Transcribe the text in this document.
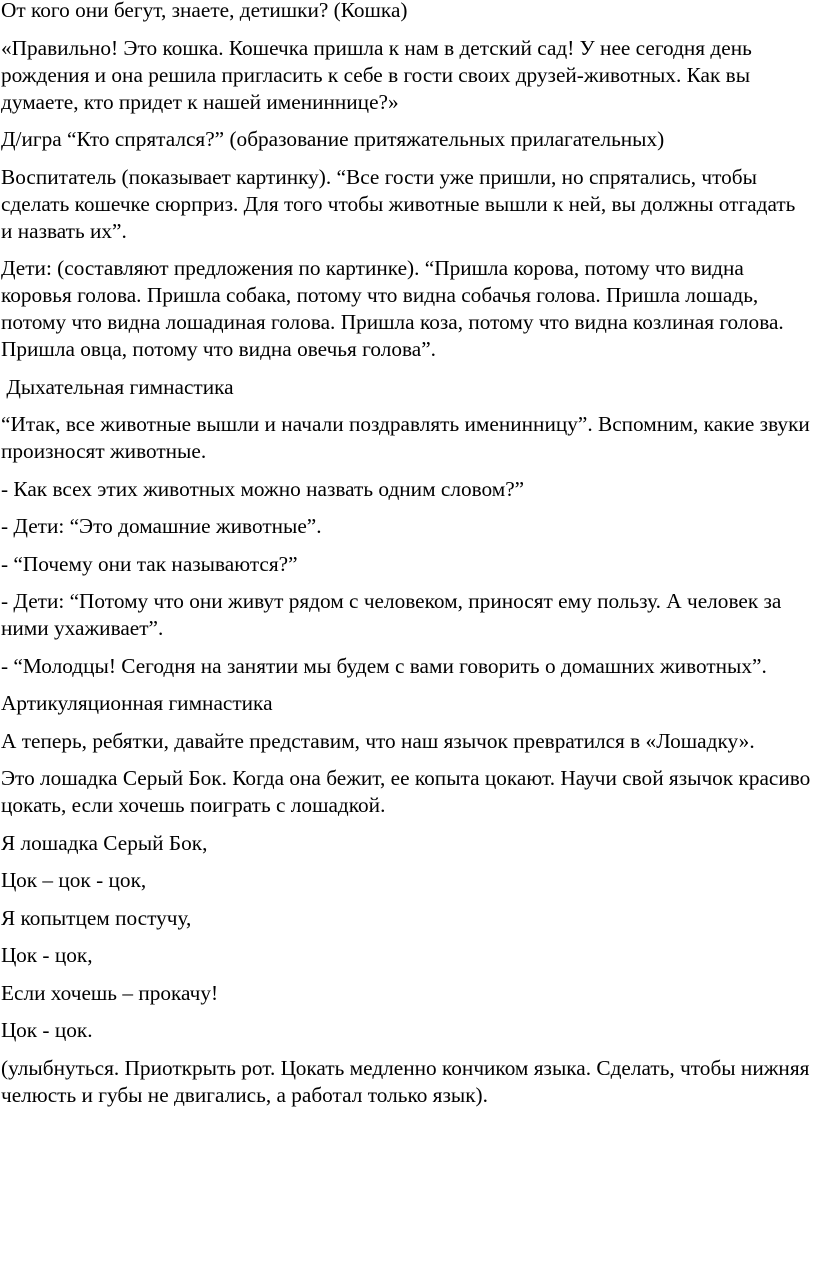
От кого они бегут, знаете, детишки? (Кошка)

«Правильно! Это кошка. Кошечка пришла к нам в детский сад! У нее сегодня день рождения и она решила пригласить к себе в гости своих друзей-животных. Как вы думаете, кто придет к нашей имениннице?»

Д/игра “Кто спрятался?” (образование притяжательных прилагательных)

Воспитатель (показывает картинку). “Все гости уже пришли, но спрятались, чтобы сделать кошечке сюрприз. Для того чтобы животные вышли к ней, вы должны отгадать и назвать их”.

Дети: (составляют предложения по картинке). “Пришла корова, потому что видна коровья голова. Пришла собака, потому что видна собачья голова. Пришла лошадь, потому что видна лошадиная голова. Пришла коза, потому что видна козлиная голова. Пришла овца, потому что видна овечья голова”.

Дыхательная гимнастика

“Итак, все животные вышли и начали поздравлять именинницу”. Вспомним, какие звуки произносят животные.

- Как всех этих животных можно назвать одним словом?”

- Дети: “Это домашние животные”.

- “Почему они так называются?”

- Дети: “Потому что они живут рядом с человеком, приносят ему пользу. А человек за ними ухаживает”.

- “Молодцы! Сегодня на занятии мы будем с вами говорить о домашних животных”.

Артикуляционная гимнастика

А теперь, ребятки, давайте представим, что наш язычок превратился в «Лошадку».

Это лошадка Серый Бок. Когда она бежит, ее копыта цокают. Научи свой язычок красиво цокать, если хочешь поиграть с лошадкой.

Я лошадка Серый Бок,

Цок – цок - цок,

Я копытцем постучу,

Цок - цок,

Если хочешь – прокачу!

Цок - цок.

(улыбнуться. Приоткрыть рот. Цокать медленно кончиком языка. Сделать, чтобы нижняя челюсть и губы не двигались, а работал только язык).
